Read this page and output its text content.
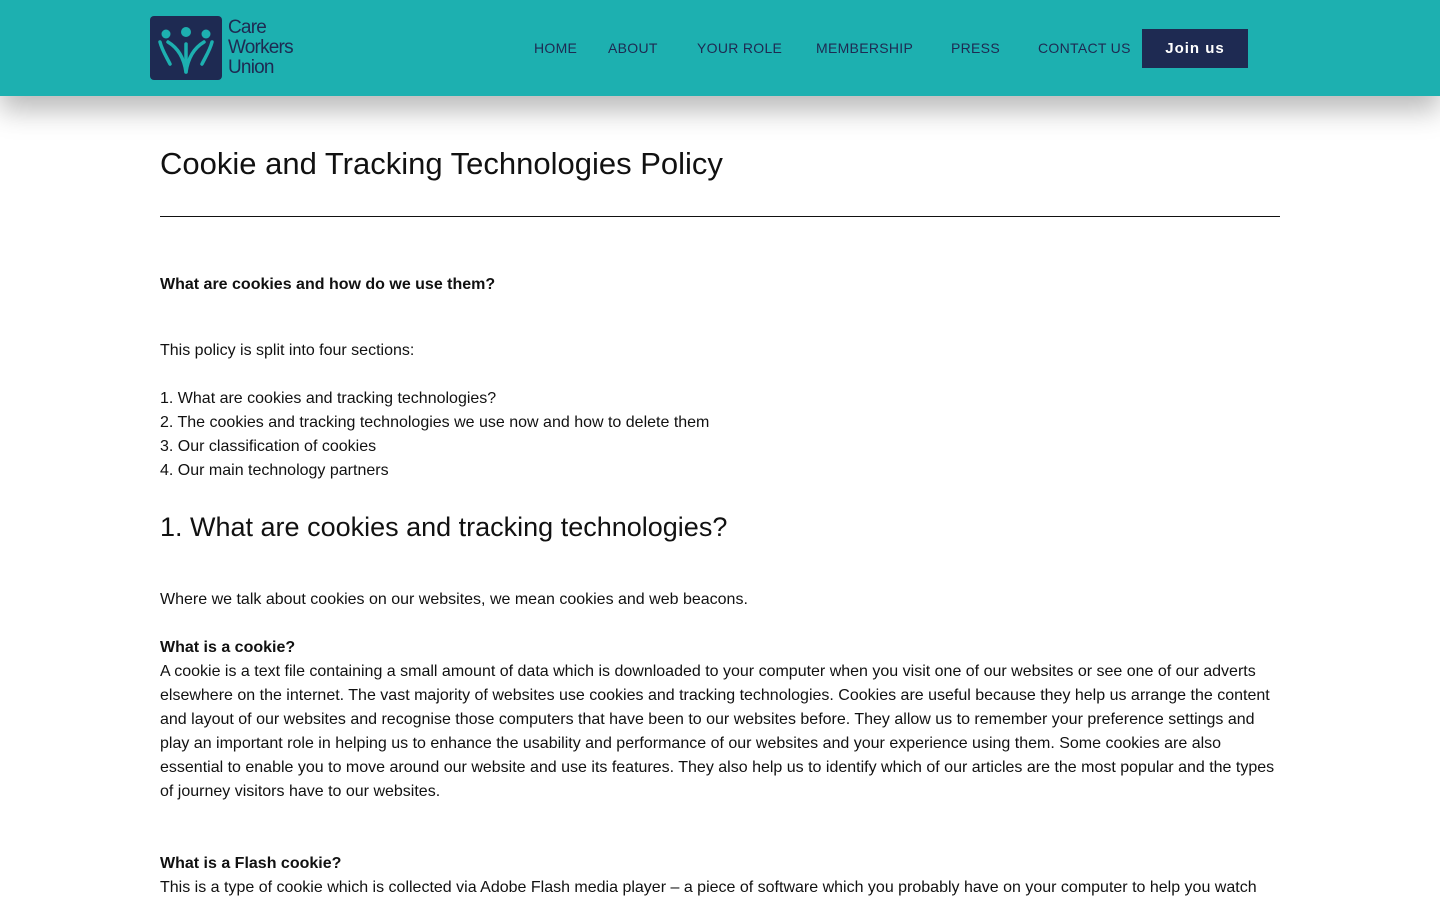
Care
Workers
Union
HOME ABOUT	YOUR ROLE MEMBERSHIP	PRESS	CONTACT US	Join us
Cookie and Tracking Technologies Policy

What are cookies and how do we use them?

This policy is split into four sections:

1. What are cookies and tracking technologies?
2. The cookies and tracking technologies we use now and how to delete them
3. Our classification of cookies
4. Our main technology partners
1. What are cookies and tracking technologies?

Where we talk about cookies on our websites, we mean cookies and web beacons.

What is a cookie?

A cookie is a text file containing a small amount of data which is downloaded to your computer when you visit one of our websites or see one of our adverts elsewhere on the internet. The vast majority of websites use cookies and tracking technologies. Cookies are useful because they help us arrange the content and layout of our websites and recognise those computers that have been to our websites before. They allow us to remember your preference settings and play an important role in helping us to enhance the usability and performance of our websites and your experience using them. Some cookies are also essential to enable you to move around our website and use its features. They also help us to identify which of our articles are the most popular and the types of journey visitors have to our websites.

What is a Flash cookie?

This is a type of cookie which is collected via Adobe Flash media player – a piece of software which you probably have on your computer to help you watch
